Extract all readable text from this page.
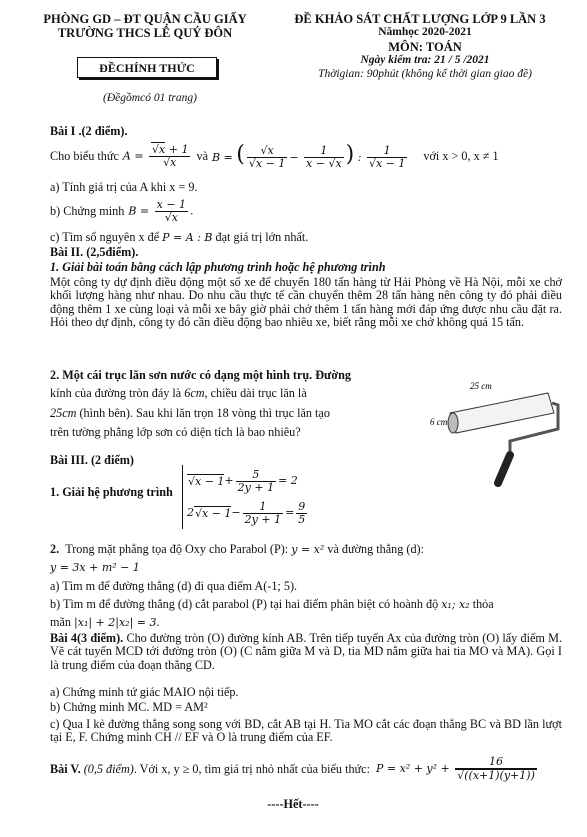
PHÒNG GD – ĐT QUẬN CẦU GIẤY
TRƯỜNG THCS LÊ QUÝ ĐÔN
ĐỀCHÍNH THỨC
(Đềgồmcó 01 trang)
ĐỀ KHẢO SÁT CHẤT LƯỢNG LỚP 9 LẦN 3
Nămhọc 2020-2021
MÔN: TOÁN
Ngày kiểm tra: 21 / 5 /2021
Thờigian: 90phút (không kể thời gian giao đề)
Bài I .(2 điểm).
Cho biểu thức $A = \frac{√x + 1}{√x}$ và B = ( $\frac{√x}{√x - 1} - \frac{1}{x - √x}$ ) : $\frac{1}{√x - 1}$ với x > 0, x ≠ 1
a) Tính giá trị của A khi x = 9.
b) Chứng minh $B = \frac{x - 1}{√x}$ .
c) Tìm số nguyên x để P = A : B đạt giá trị lớn nhất.
Bài II. (2,5điểm).
1. Giải bài toán bằng cách lập phương trình hoặc hệ phương trình
Một công ty dự định điều động một số xe để chuyển 180 tấn hàng từ Hải Phòng về Hà Nội, mỗi xe chở khối lượng hàng như nhau. Do nhu cầu thực tế cần chuyển thêm 28 tấn hàng nên công ty đó phải điều động thêm 1 xe cùng loại và mỗi xe bây giờ phải chở thêm 1 tấn hàng mới đáp ứng được nhu cầu đặt ra. Hỏi theo dự định, công ty đó cần điều động bao nhiêu xe, biết rằng mỗi xe chở không quá 15 tấn.
2. Một cái trục lăn sơn nước có dạng một hình trụ. Đường
kính của đường tròn đáy là 6cm, chiều dài trục lăn là
25cm (hình bên). Sau khi lăn trọn 18 vòng thì trục lăn tạo
trên tường phẳng lớp sơn có diện tích là bao nhiêu?
25 cm
6 cm
Bài III. (2 điểm)
1. Giải hệ phương trình
$√x - 1 + \frac{5}{2y + 1} = 2$
2 $√x - 1 - \frac{1}{2y + 1} = \frac{9}{5}$
2.  Trong mặt phẳng tọa độ Oxy cho Parabol (P): y = x² và đường thẳng (d):
y = 3x + m² − 1
a) Tìm m để đường thẳng (d) đi qua điểm A(-1; 5).
b) Tìm m để đường thẳng (d) cắt parabol (P) tại hai điểm phân biệt có hoành độ x₁; x₂ thỏa
mãn |x₁| + 2|x₂| = 3.
Bài 4(3 điểm). Cho đường tròn (O) đường kính AB. Trên tiếp tuyến Ax của đường tròn (O) lấy điểm M. Vẽ cát tuyến MCD tới đường tròn (O) (C nằm giữa M và D, tia MD nằm giữa hai tia MO và MA). Gọi I là trung điểm của đoạn thẳng CD.
a) Chứng minh tứ giác MAIO nội tiếp.
b) Chứng minh MC. MD = AM²
c) Qua I kẻ đường thẳng song song với BD, cắt AB tại H. Tia MO cắt các đoạn thẳng BC và BD lần lượt tại E, F. Chứng minh CH // EF và O là trung điểm của EF.
Bài V. (0,5 điểm) . Với x, y ≥ 0, tìm giá trị nhỏ nhất của biểu thức: $P = x^2 + y^2 + \frac{16}{√((x+1)(y+1))}$
----Hết----
